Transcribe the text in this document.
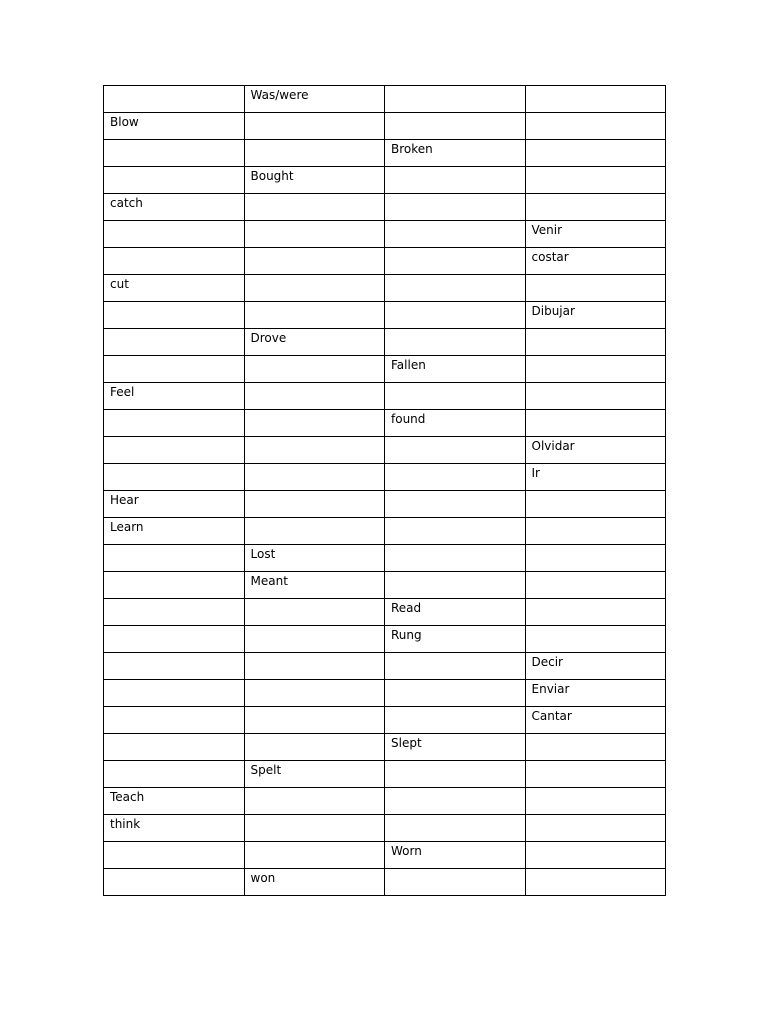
	Was/were		
Blow			
		Broken	
	Bought		
catch			
			Venir
			costar
cut			
			Dibujar
	Drove		
		Fallen	
Feel			
		found	
			Olvidar
			Ir
Hear			
Learn			
	Lost		
	Meant		
		Read	
		Rung	
			Decir
			Enviar
			Cantar
		Slept	
	Spelt		
Teach			
think			
		Worn	
	won		
